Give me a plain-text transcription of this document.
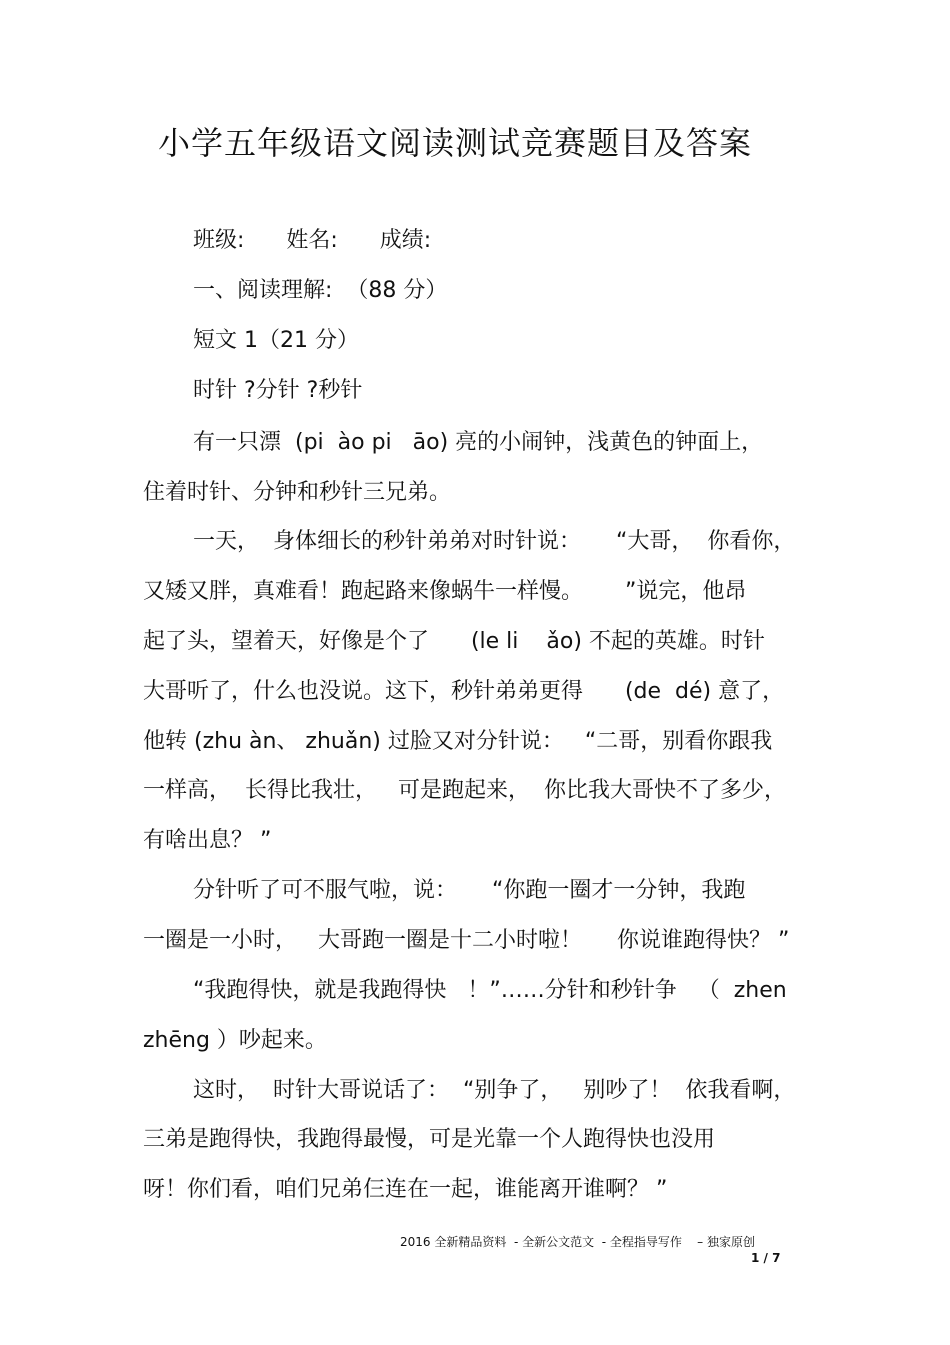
小学五年级语文阅读测试竞赛题目及答案
班级:      姓名:      成绩:
一、阅读理解:  （88 分）
短文 1（21 分）
时针 ?分针 ?秒针
有一只漂  (pi  ào pi   āo) 亮的小闹钟，浅黄色的钟面上，
住着时针、分钟和秒针三兄弟。
一天，  身体细长的秒针弟弟对时针说：     “大哥，  你看你，
又矮又胖，真难看！跑起路来像蜗牛一样慢。      ”说完，他昂
起了头，望着天，好像是个了      (le li    ǎo) 不起的英雄。时针
大哥听了，什么也没说。这下，秒针弟弟更得      (de  dé) 意了，
他转 (zhu àn、 zhuǎn) 过脸又对分针说：   “二哥，别看你跟我
一样高，  长得比我壮，   可是跑起来，  你比我大哥快不了多少，
有啥出息？ ”
分针听了可不服气啦，说：     “你跑一圈才一分钟，我跑
一圈是一小时，   大哥跑一圈是十二小时啦！     你说谁跑得快？ ”
“我跑得快，就是我跑得快   ！”……分针和秒针争   （  zhen
zhēng ）吵起来。
这时，  时针大哥说话了：  “别争了，   别吵了！  依我看啊，
三弟是跑得快，我跑得最慢，可是光靠一个人跑得快也没用
呀！你们看，咱们兄弟仨连在一起，谁能离开谁啊？ ”
2016 全新精品资料  - 全新公文范文  - 全程指导写作    – 独家原创
1 / 7
